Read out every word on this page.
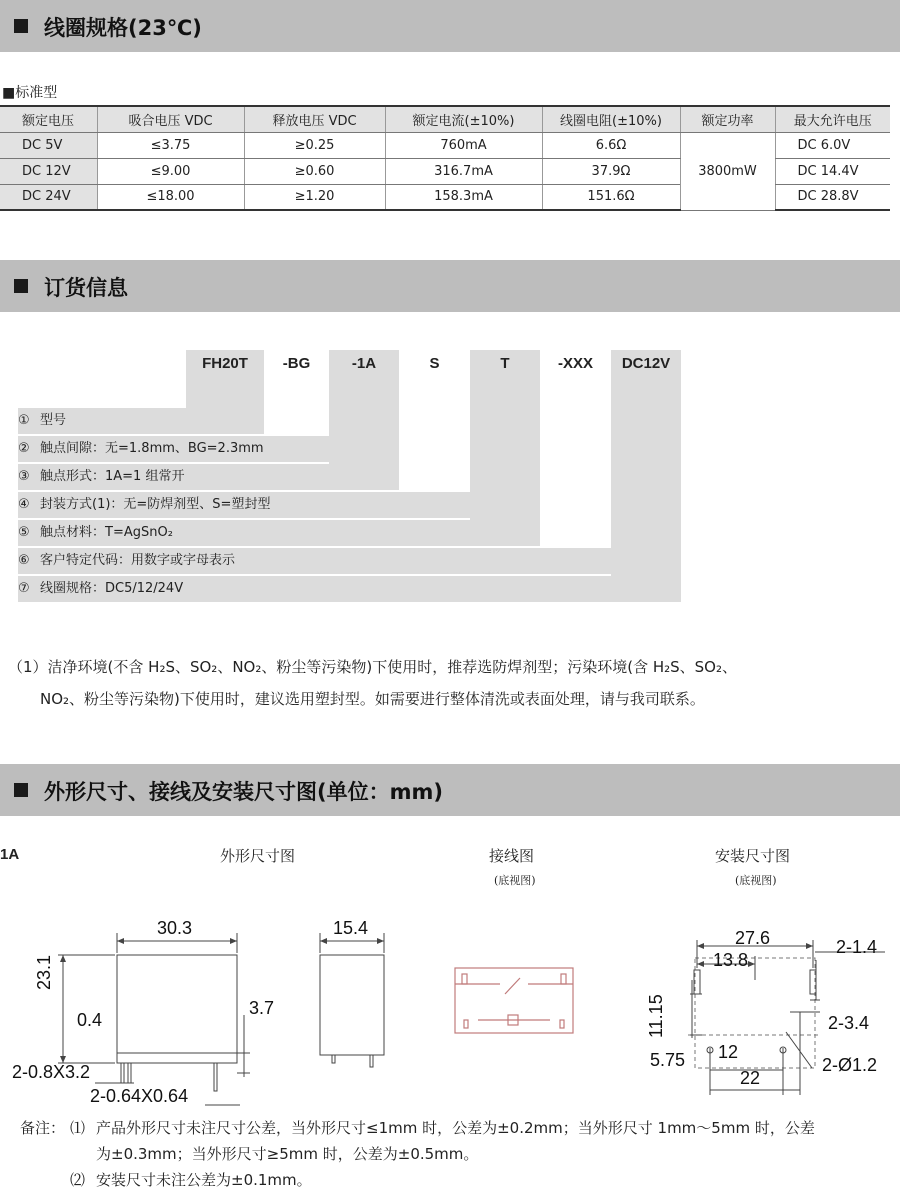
线圈规格(23℃)
■标准型
额定电压	吸合电压 VDC	释放电压 VDC	额定电流(±10%)	线圈电阻(±10%)	额定功率	最大允许电压
DC 5V	≤3.75	≥0.25	760mA	6.6Ω	3800mW	DC 6.0V
DC 12V	≤9.00	≥0.60	316.7mA	37.9Ω		DC 14.4V
DC 24V	≤18.00	≥1.20	158.3mA	151.6Ω		DC 28.8V
订货信息
FH20T	-BG	-1A	S	T	-XXX	DC12V
① 型号
② 触点间隙：无=1.8mm、BG=2.3mm
③ 触点形式：1A=1 组常开
④ 封装方式(1)：无=防焊剂型、S=塑封型
⑤ 触点材料：T=AgSnO₂
⑥ 客户特定代码：用数字或字母表示
⑦ 线圈规格：DC5/12/24V
（1）洁净环境(不含 H₂S、SO₂、NO₂、粉尘等污染物)下使用时，推荐选防焊剂型；污染环境(含 H₂S、SO₂、
NO₂、粉尘等污染物)下使用时，建议选用塑封型。如需要进行整体清洗或表面处理，请与我司联系。
外形尺寸、接线及安装尺寸图(单位：mm)
1A	外形尺寸图	接线图
(底视图)
安装尺寸图
(底视图)
30.3
23.1
0.4
3.7
2-0.8X3.2
2-0.64X0.64
15.4	27.6
13.8
2-1.4
11.15	2-3.4
5.75 12
2-Ø1.2
22
备注： ⑴ 产品外形尺寸未注尺寸公差，当外形尺寸≤1mm 时，公差为±0.2mm；当外形尺寸 1mm～5mm 时，公差
为±0.3mm；当外形尺寸≥5mm 时，公差为±0.5mm。
⑵ 安装尺寸未注公差为±0.1mm。
